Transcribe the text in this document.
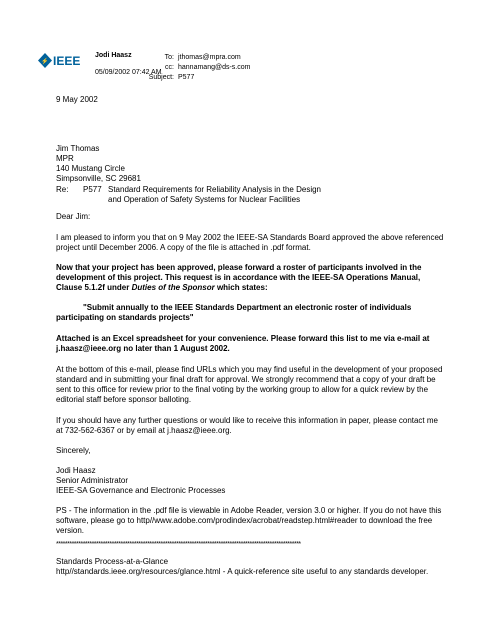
⚡ IEEE Jodi Haasz
05/09/2002 07:42 AM
To: jthomas@mpra.com
cc: hannamang@ds-s.com
Subject: P577
9 May 2002
Jim Thomas
MPR
140 Mustang Circle
Simpsonville, SC 29681
Re: P577 Standard Requirements for Reliability Analysis in the Design
and Operation of Safety Systems for Nuclear Facilities
Dear Jim:
I am pleased to inform you that on 9 May 2002 the IEEE-SA Standards Board approved the above referenced
project until December 2006. A copy of the file is attached in .pdf format.
Now that your project has been approved, please forward a roster of participants involved in the
development of this project. This request is in accordance with the IEEE-SA Operations Manual,
Clause 5.1.2f under Duties of the Sponsor which states:
"Submit annually to the IEEE Standards Department an electronic roster of individuals
participating on standards projects"
Attached is an Excel spreadsheet for your convenience. Please forward this list to me via e-mail at
j.haasz@ieee.org no later than 1 August 2002.
At the bottom of this e-mail, please find URLs which you may find useful in the development of your proposed
standard and in submitting your final draft for approval. We strongly recommend that a copy of your draft be
sent to this office for review prior to the final voting by the working group to allow for a quick review by the
editorial staff before sponsor balloting.
If you should have any further questions or would like to receive this information in paper, please contact me
at 732-562-6367 or by email at j.haasz@ieee.org.
Sincerely,
Jodi Haasz
Senior Administrator
IEEE-SA Governance and Electronic Processes
PS - The information in the .pdf file is viewable in Adobe Reader, version 3.0 or higher. If you do not have this
software, please go to http//www.adobe.com/prodindex/acrobat/readstep.html#reader to download the free
version.
**************************************************************************************************************
Standards Process-at-a-Glance
http//standards.ieee.org/resources/glance.html - A quick-reference site useful to any standards developer.
